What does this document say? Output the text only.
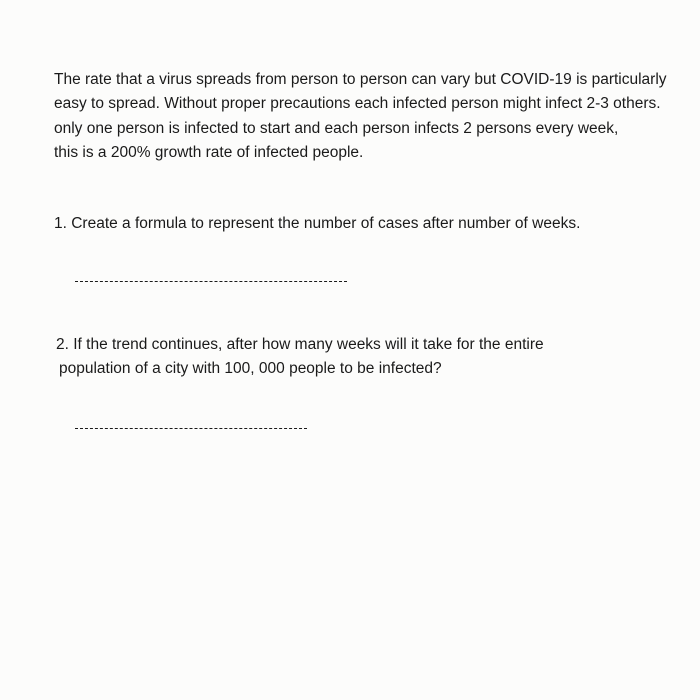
The rate that a virus spreads from person to person can vary but COVID-19 is particularly
easy to spread. Without proper precautions each infected person might infect 2-3 others.
only one person is infected to start and each person infects 2 persons every week,
this is a 200% growth rate of infected people.
1. Create a formula to represent the number of cases after number of weeks.
2. If the trend continues, after how many weeks will it take for the entire
population of a city with 100, 000 people to be infected?
